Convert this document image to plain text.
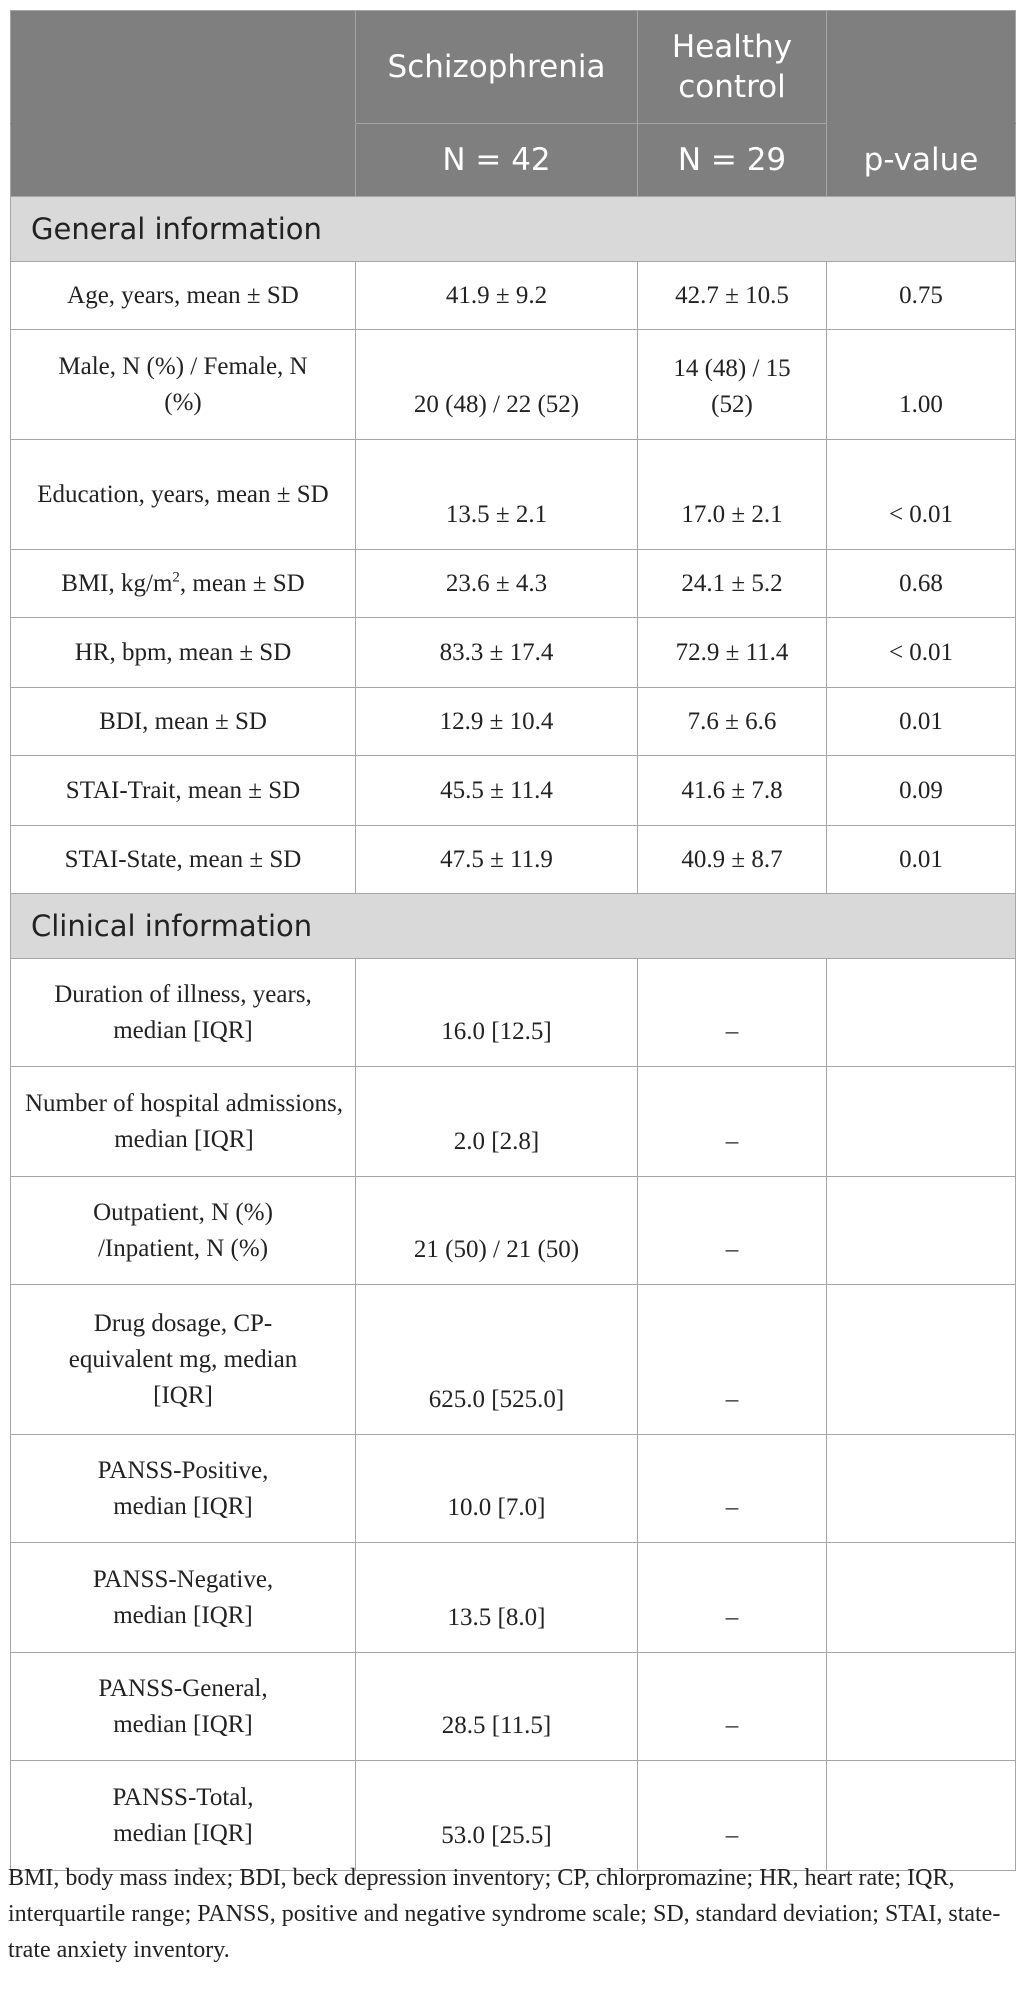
	Schizophrenia	Healthy control	
	N = 42	N = 29	p-value
General information			
Age, years, mean ± SD	41.9 ± 9.2	42.7 ± 10.5	0.75
Male, N (%) / Female, N (%)	20 (48) / 22 (52)	14 (48) / 15 (52)	1.00
Education, years, mean ± SD	13.5 ± 2.1	17.0 ± 2.1	< 0.01
BMI, $kg/m^2$, mean ± SD	23.6 ± 4.3	24.1 ± 5.2	0.68
HR, bpm, mean ± SD	83.3 ± 17.4	72.9 ± 11.4	< 0.01
BDI, mean ± SD	12.9 ± 10.4	7.6 ± 6.6	0.01
STAI-Trait, mean ± SD	45.5 ± 11.4	41.6 ± 7.8	0.09
STAI-State, mean ± SD	47.5 ± 11.9	40.9 ± 8.7	0.01
Clinical information			
Duration of illness, years, median [IQR]	16.0 [12.5]	–	
Number of hospital admissions, median [IQR]	2.0 [2.8]	–	
Outpatient, N (%) /Inpatient, N (%)	21 (50) / 21 (50)	–	
Drug dosage, CP-equivalent mg, median [IQR]	625.0 [525.0]	–	
PANSS-Positive, median [IQR]	10.0 [7.0]	–	
PANSS-Negative, median [IQR]	13.5 [8.0]	–	
PANSS-General, median [IQR]	28.5 [11.5]	–	
PANSS-Total, median [IQR]	53.0 [25.5]	–	
BMI, body mass index; BDI, beck depression inventory; CP, chlorpromazine; HR, heart rate; IQR, interquartile range; PANSS, positive and negative syndrome scale; SD, standard deviation; STAI, state-trate anxiety inventory.
